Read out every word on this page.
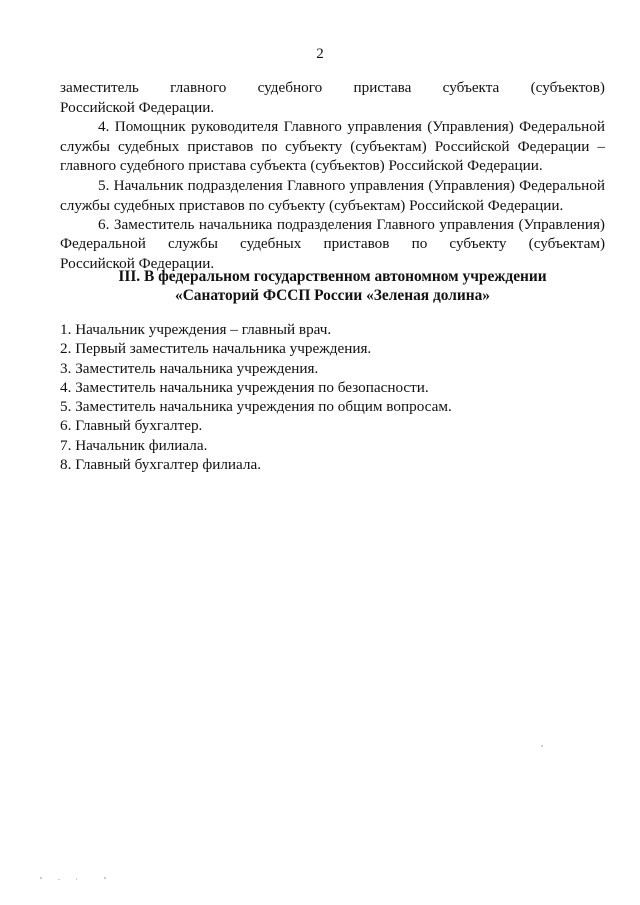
2
заместитель главного судебного пристава субъекта (субъектов)
Российской Федерации.
4. Помощник руководителя Главного управления (Управления) Федеральной
службы судебных приставов по субъекту (субъектам) Российской Федерации –
главного судебного пристава субъекта (субъектов) Российской Федерации.
5. Начальник подразделения Главного управления (Управления) Федеральной
службы судебных приставов по субъекту (субъектам) Российской Федерации.
6. Заместитель начальника подразделения Главного управления (Управления)
Федеральной службы судебных приставов по субъекту (субъектам)
Российской Федерации.
III. В федеральном государственном автономном учреждении
«Санаторий ФССП России «Зеленая долина»
1. Начальник учреждения – главный врач.
2. Первый заместитель начальника учреждения.
3. Заместитель начальника учреждения.
4. Заместитель начальника учреждения по безопасности.
5. Заместитель начальника учреждения по общим вопросам.
6. Главный бухгалтер.
7. Начальник филиала.
8. Главный бухгалтер филиала.
